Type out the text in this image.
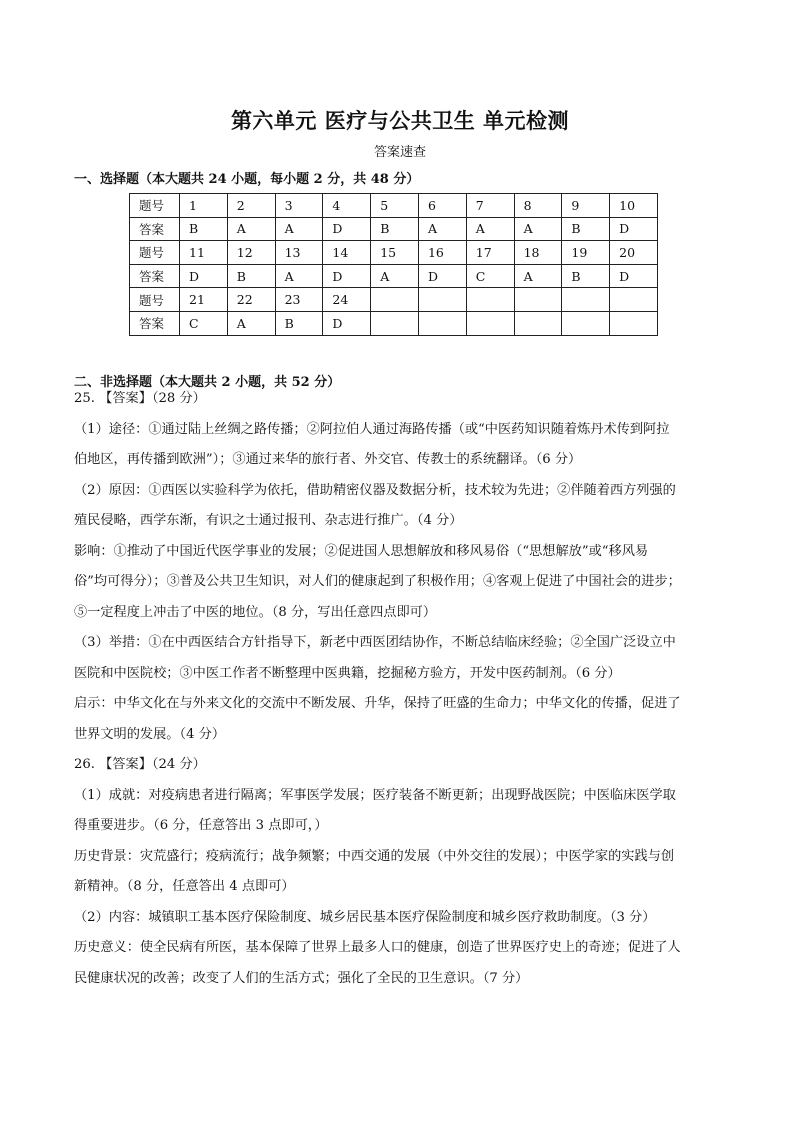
第六单元 医疗与公共卫生 单元检测
答案速查
一、选择题（本大题共 24 小题，每小题 2 分，共 48 分）
题号	1	2	3	4	5	6	7	8	9	10
答案	B	A	A	D	B	A	A	A	B	D
题号	11	12	13	14	15	16	17	18	19	20
答案	D	B	A	D	A	D	C	A	B	D
题号	21	22	23	24						
答案	C	A	B	D						
二、非选择题（本大题共 2 小题，共 52 分）

25. 【答案】（28 分）

（1）途径：①通过陆上丝绸之路传播；②阿拉伯人通过海路传播（或“中医药知识随着炼丹术传到阿拉

伯地区，再传播到欧洲”）；③通过来华的旅行者、外交官、传教士的系统翻译。（6 分）

（2）原因：①西医以实验科学为依托，借助精密仪器及数据分析，技术较为先进；②伴随着西方列强的

殖民侵略，西学东渐，有识之士通过报刊、杂志进行推广。（4 分）

影响：①推动了中国近代医学事业的发展；②促进国人思想解放和移风易俗（“思想解放”或“移风易

俗”均可得分）；③普及公共卫生知识，对人们的健康起到了积极作用；④客观上促进了中国社会的进步；

⑤一定程度上冲击了中医的地位。（8 分，写出任意四点即可）

（3）举措：①在中西医结合方针指导下，新老中西医团结协作，不断总结临床经验；②全国广泛设立中

医院和中医院校；③中医工作者不断整理中医典籍，挖掘秘方验方，开发中医药制剂。（6 分）

启示：中华文化在与外来文化的交流中不断发展、升华，保持了旺盛的生命力；中华文化的传播，促进了

世界文明的发展。（4 分）

26. 【答案】（24 分）

（1）成就：对疫病患者进行隔离；军事医学发展；医疗装备不断更新；出现野战医院；中医临床医学取

得重要进步。（6 分，任意答出 3 点即可，）

历史背景：灾荒盛行；疫病流行；战争频繁；中西交通的发展（中外交往的发展）；中医学家的实践与创

新精神。（8 分，任意答出 4 点即可）

（2）内容：城镇职工基本医疗保险制度、城乡居民基本医疗保险制度和城乡医疗救助制度。（3 分）

历史意义：使全民病有所医，基本保障了世界上最多人口的健康，创造了世界医疗史上的奇迹；促进了人

民健康状况的改善；改变了人们的生活方式；强化了全民的卫生意识。（7 分）
